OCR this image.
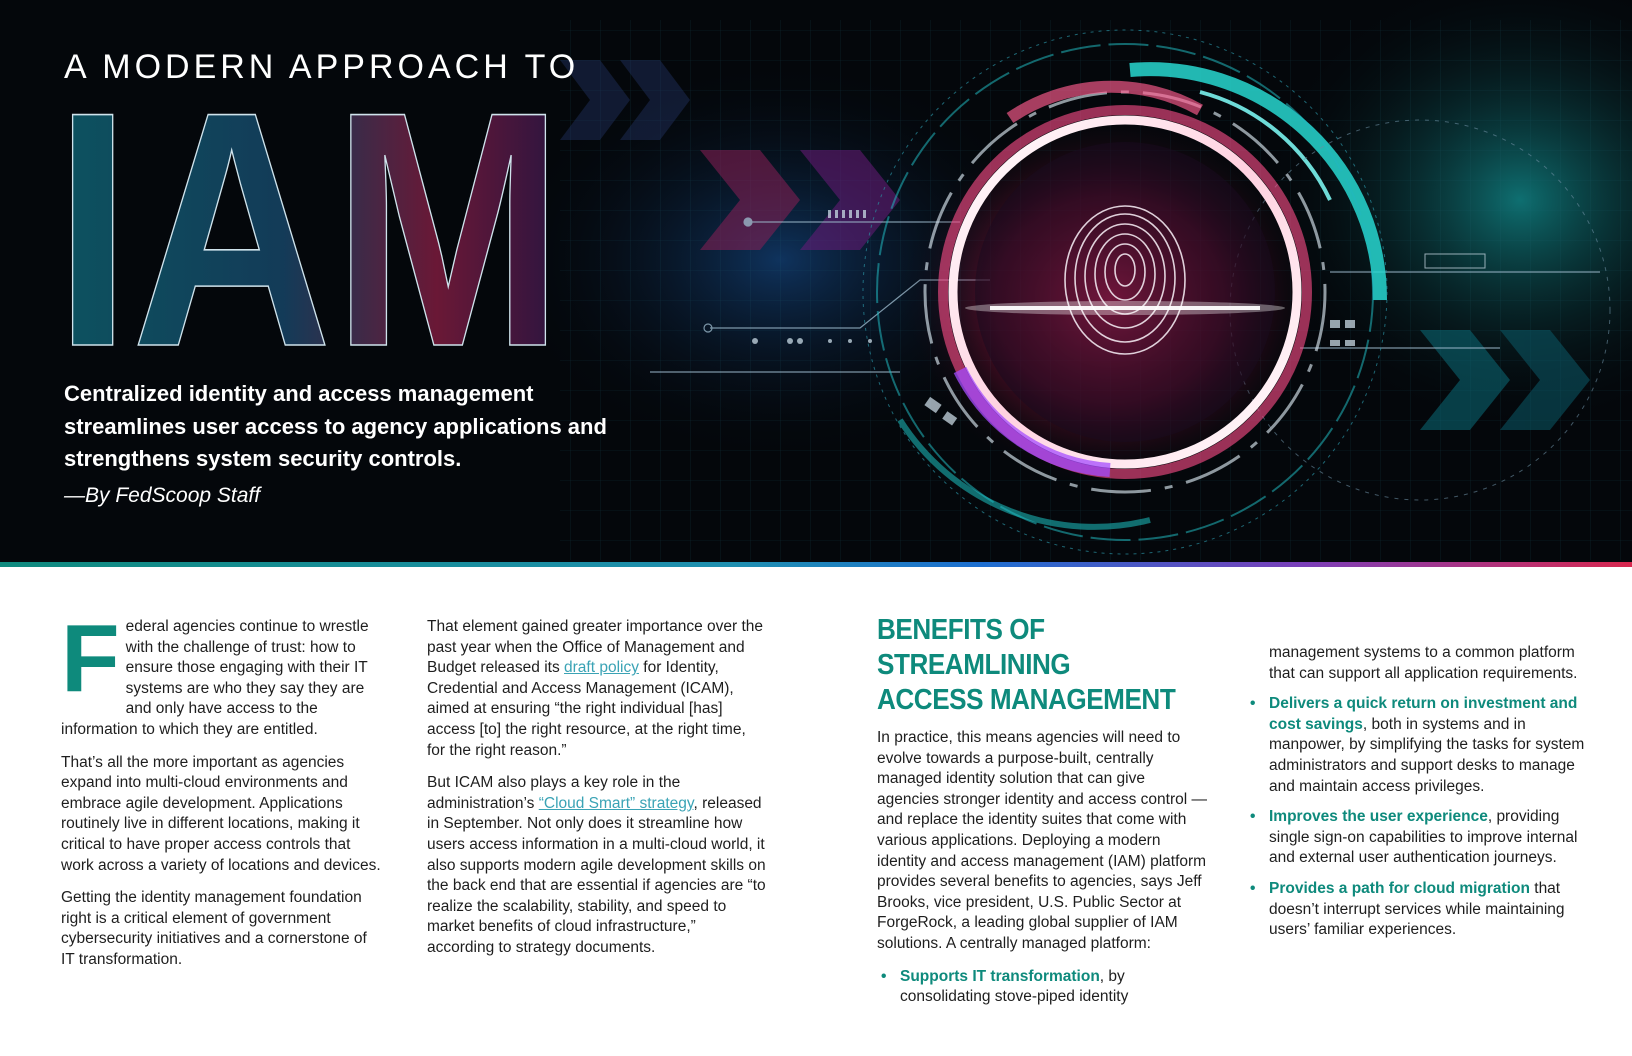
A MODERN APPROACH TO
IAM
Centralized identity and access management streamlines user access to agency applications and strengthens system security controls.
—By FedScoop Staff

Federal agencies continue to wrestle with the challenge of trust: how to ensure those engaging with their IT systems are who they say they are and only have access to the information to which they are entitled.

That’s all the more important as agencies expand into multi-cloud environments and embrace agile development. Applications routinely live in different locations, making it critical to have proper access controls that work across a variety of locations and devices.

Getting the identity management foundation right is a critical element of government cybersecurity initiatives and a cornerstone of IT transformation.

That element gained greater importance over the past year when the Office of Management and Budget released its draft policy for Identity, Credential and Access Management (ICAM), aimed at ensuring “the right individual [has] access [to] the right resource, at the right time, for the right reason.”

But ICAM also plays a key role in the administration’s “Cloud Smart” strategy, released in September. Not only does it streamline how users access information in a multi-cloud world, it also supports modern agile development skills on the back end that are essential if agencies are “to realize the scalability, stability, and speed to market benefits of cloud infrastructure,” according to strategy documents.

BENEFITS OF STREAMLINING
ACCESS MANAGEMENT

In practice, this means agencies will need to evolve towards a purpose-built, centrally managed identity solution that can give agencies stronger identity and access control — and replace the identity suites that come with various applications. Deploying a modern identity and access management (IAM) platform provides several benefits to agencies, says Jeff Brooks, vice president, U.S. Public Sector at ForgeRock, a leading global supplier of IAM solutions. A centrally managed platform:

• Supports IT transformation, by consolidating stove-piped identity

management systems to a common platform that can support all application requirements.

• Delivers a quick return on investment and cost savings, both in systems and in manpower, by simplifying the tasks for system administrators and support desks to manage and maintain access privileges.
• Improves the user experience, providing single sign-on capabilities to improve internal and external user authentication journeys.
• Provides a path for cloud migration that doesn’t interrupt services while maintaining users’ familiar experiences.
